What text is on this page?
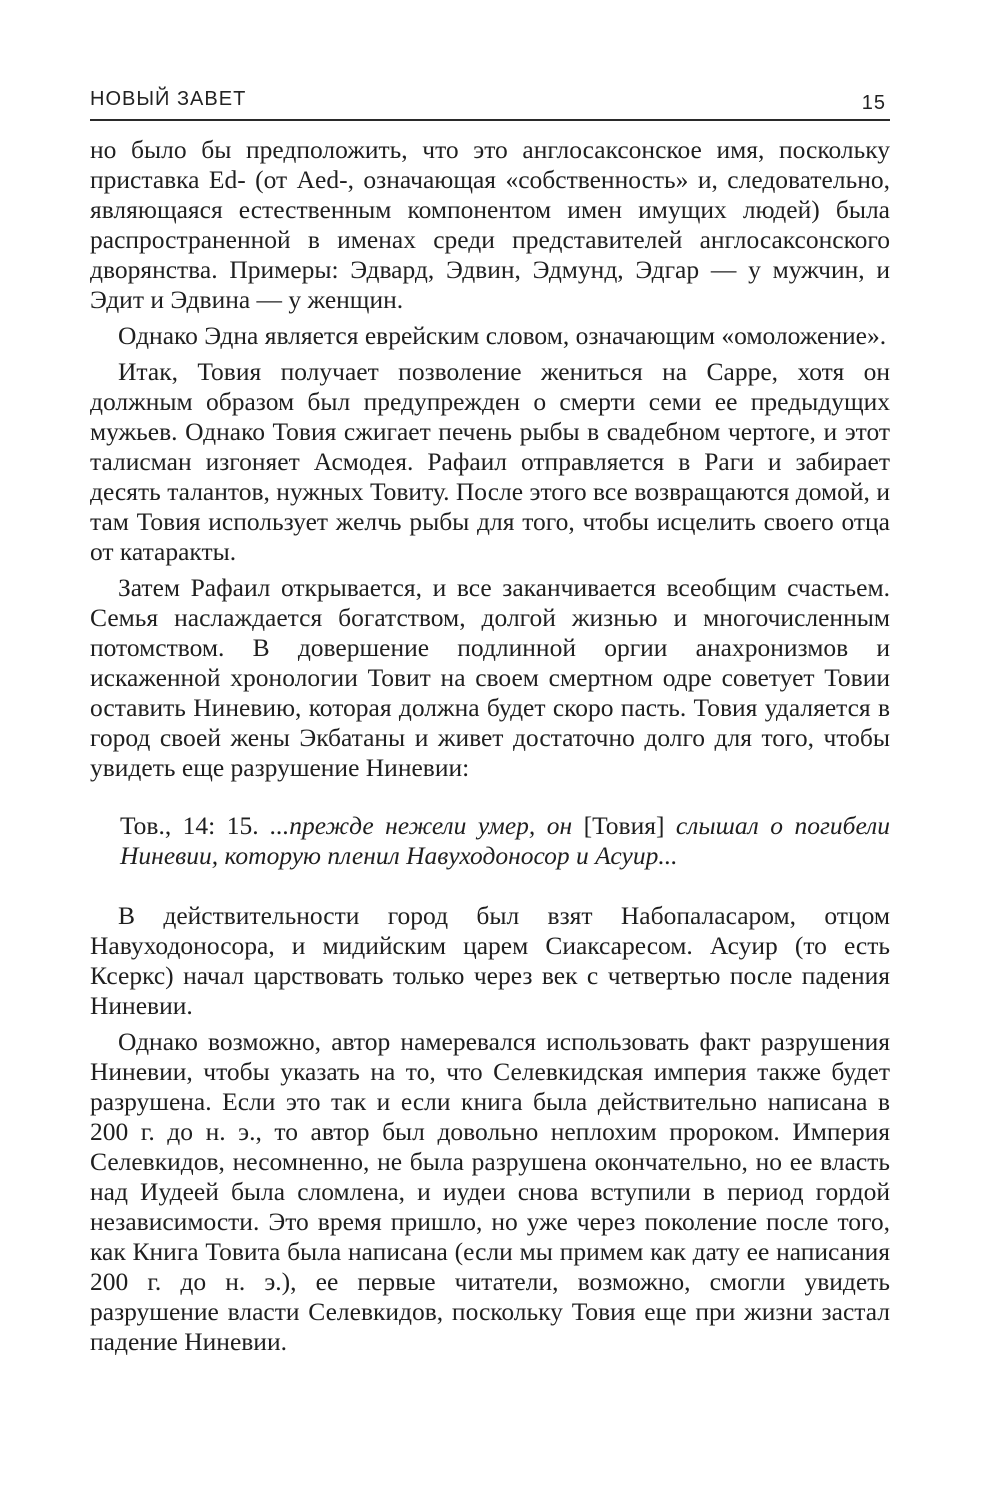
НОВЫЙ ЗАВЕТ	15

но было бы предположить, что это англосаксонское имя, поскольку приставка Ed- (от Aed-, означающая «собственность» и, следовательно, являющаяся естественным компонентом имен имущих людей) была распространенной в именах среди представителей англосаксонского дворянства. Примеры: Эдвард, Эдвин, Эдмунд, Эдгар — у мужчин, и Эдит и Эдвина — у женщин.

Однако Эдна является еврейским словом, означающим «омоложение».

Итак, Товия получает позволение жениться на Сарре, хотя он должным образом был предупрежден о смерти семи ее предыдущих мужьев. Однако Товия сжигает печень рыбы в свадебном чертоге, и этот талисман изгоняет Асмодея. Рафаил отправляется в Раги и забирает десять талантов, нужных Товиту. После этого все возвращаются домой, и там Товия использует желчь рыбы для того, чтобы исцелить своего отца от катаракты.

Затем Рафаил открывается, и все заканчивается всеобщим счастьем. Семья наслаждается богатством, долгой жизнью и многочисленным потомством. В довершение подлинной оргии анахронизмов и искаженной хронологии Товит на своем смертном одре советует Товии оставить Ниневию, которая должна будет скоро пасть. Товия удаляется в город своей жены Экбатаны и живет достаточно долго для того, чтобы увидеть еще разрушение Ниневии:

Тов., 14: 15. ...прежде нежели умер, он [Товия] слышал о погибели Ниневии, которую пленил Навуходоносор и Асуир...

В действительности город был взят Набопаласаром, отцом Навуходоносора, и мидийским царем Сиаксаресом. Асуир (то есть Ксеркс) начал царствовать только через век с четвертью после падения Ниневии.

Однако возможно, автор намеревался использовать факт разрушения Ниневии, чтобы указать на то, что Селевкидская империя также будет разрушена. Если это так и если книга была действительно написана в 200 г. до н. э., то автор был довольно неплохим пророком. Империя Селевкидов, несомненно, не была разрушена окончательно, но ее власть над Иудеей была сломлена, и иудеи снова вступили в период гордой независимости. Это время пришло, но уже через поколение после того, как Книга Товита была написана (если мы примем как дату ее написания 200 г. до н. э.), ее первые читатели, возможно, смогли увидеть разрушение власти Селевкидов, поскольку Товия еще при жизни застал падение Ниневии.
